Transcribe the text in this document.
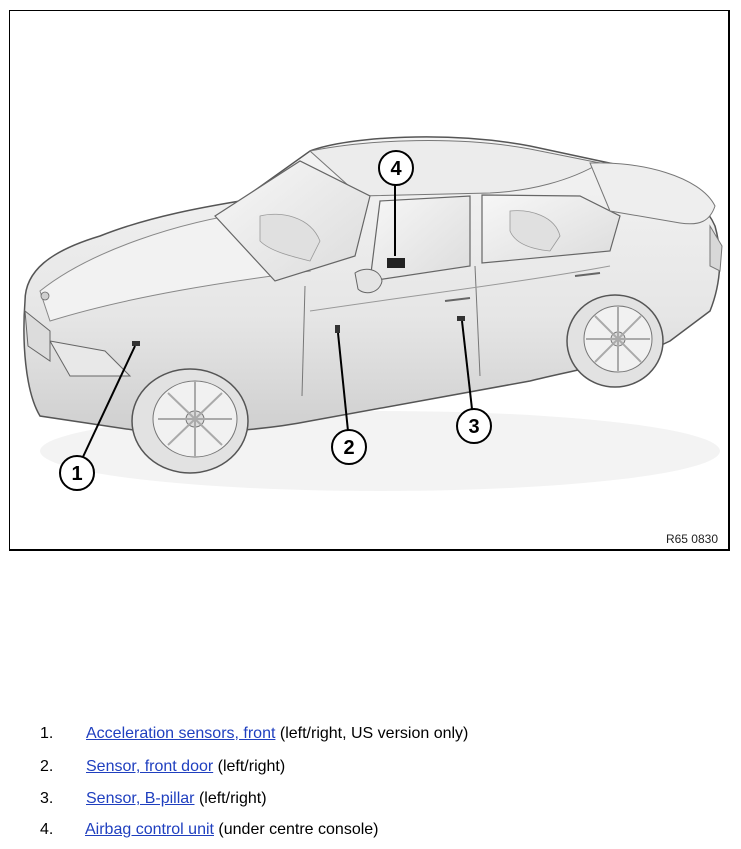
1
2
3
4
R65 0830
1. Acceleration sensors, front (left/right, US version only)
2. Sensor, front door (left/right)
3. Sensor, B-pillar (left/right)
4. Airbag control unit (under centre console)
